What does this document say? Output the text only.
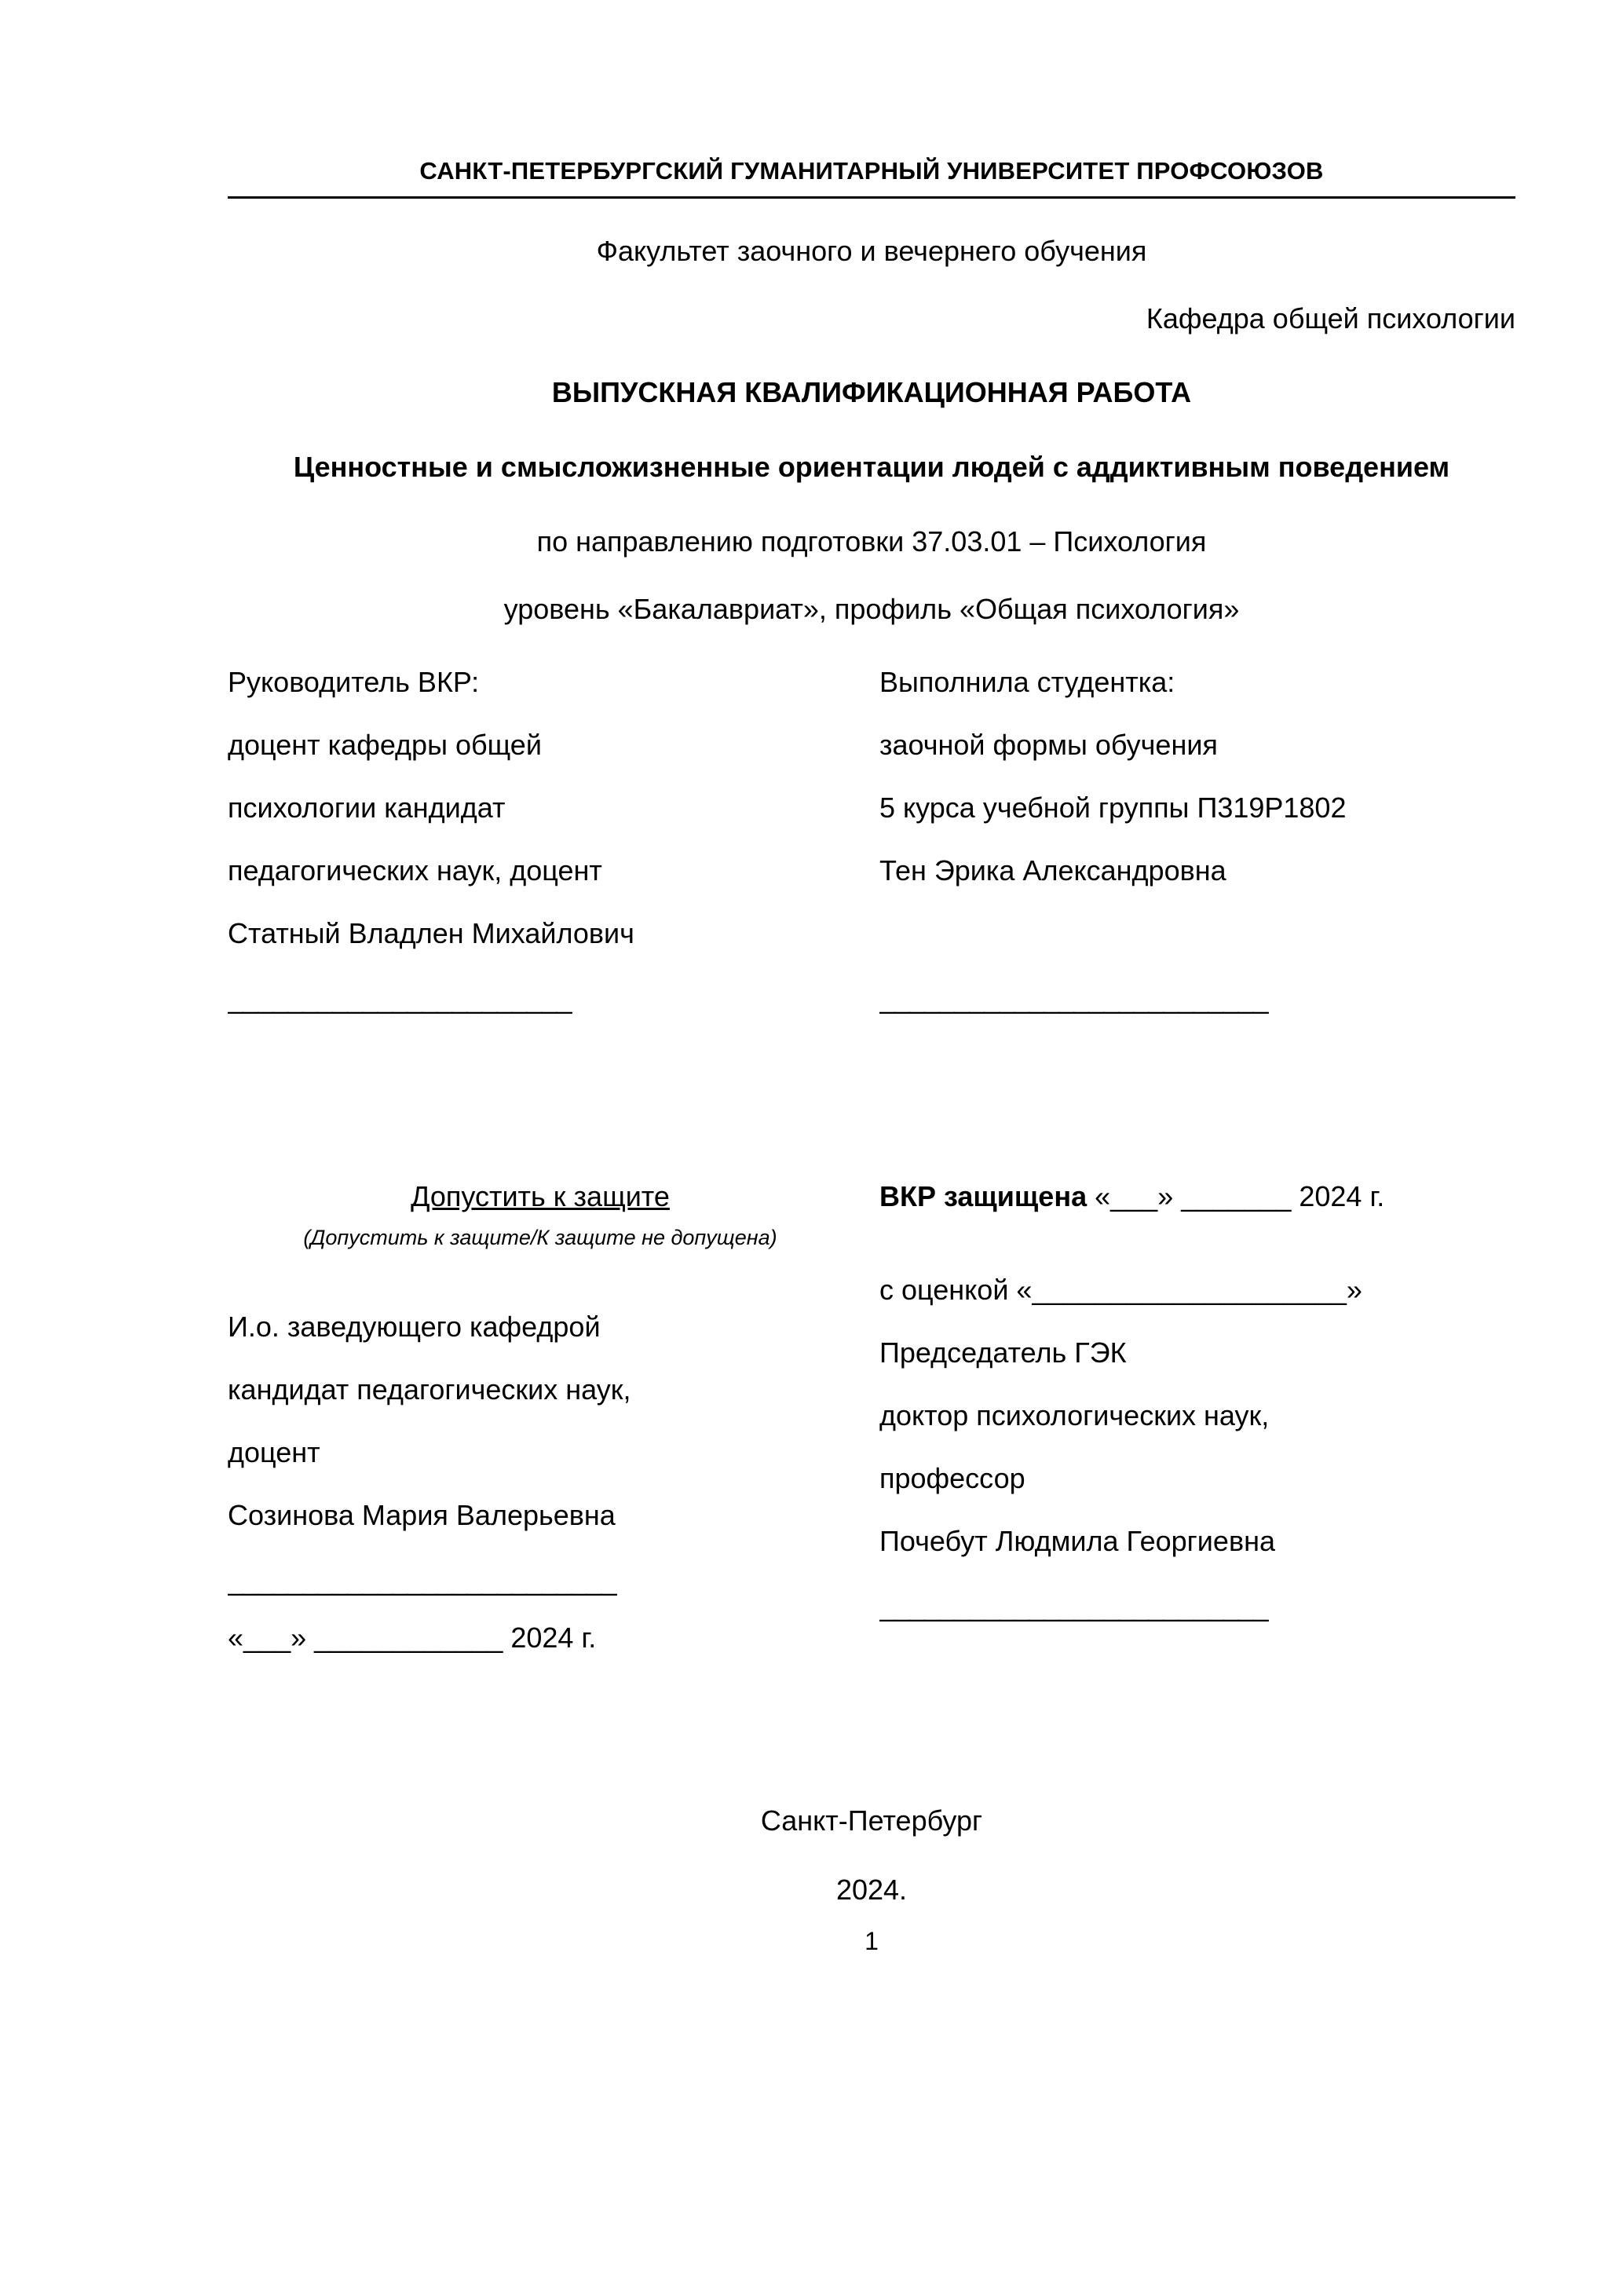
САНКТ-ПЕТЕРБУРГСКИЙ ГУМАНИТАРНЫЙ УНИВЕРСИТЕТ ПРОФСОЮЗОВ
Факультет заочного и вечернего обучения
Кафедра общей психологии
ВЫПУСКНАЯ КВАЛИФИКАЦИОННАЯ РАБОТА
Ценностные и смысложизненные ориентации людей с аддиктивным поведением
по направлению подготовки 37.03.01 – Психология
уровень «Бакалавриат», профиль «Общая психология»
Руководитель ВКР:
доцент кафедры общей
психологии кандидат
педагогических наук, доцент
Статный Владлен Михайлович
_______________________
Выполнила студентка:
заочной формы обучения
5 курса учебной группы П319Р1802
Тен Эрика Александровна
__________________________
Допустить к защите
(Допустить к защите/К защите не допущена)
И.о. заведующего кафедрой
кандидат педагогических наук,
доцент
Созинова Мария Валерьевна
__________________________
«___» ____________ 2024 г.
ВКР защищена «___» _______ 2024 г.
с оценкой «____________________»
Председатель ГЭК
доктор психологических наук,
профессор
Почебут Людмила Георгиевна
__________________________
Санкт-Петербург
2024.
1
